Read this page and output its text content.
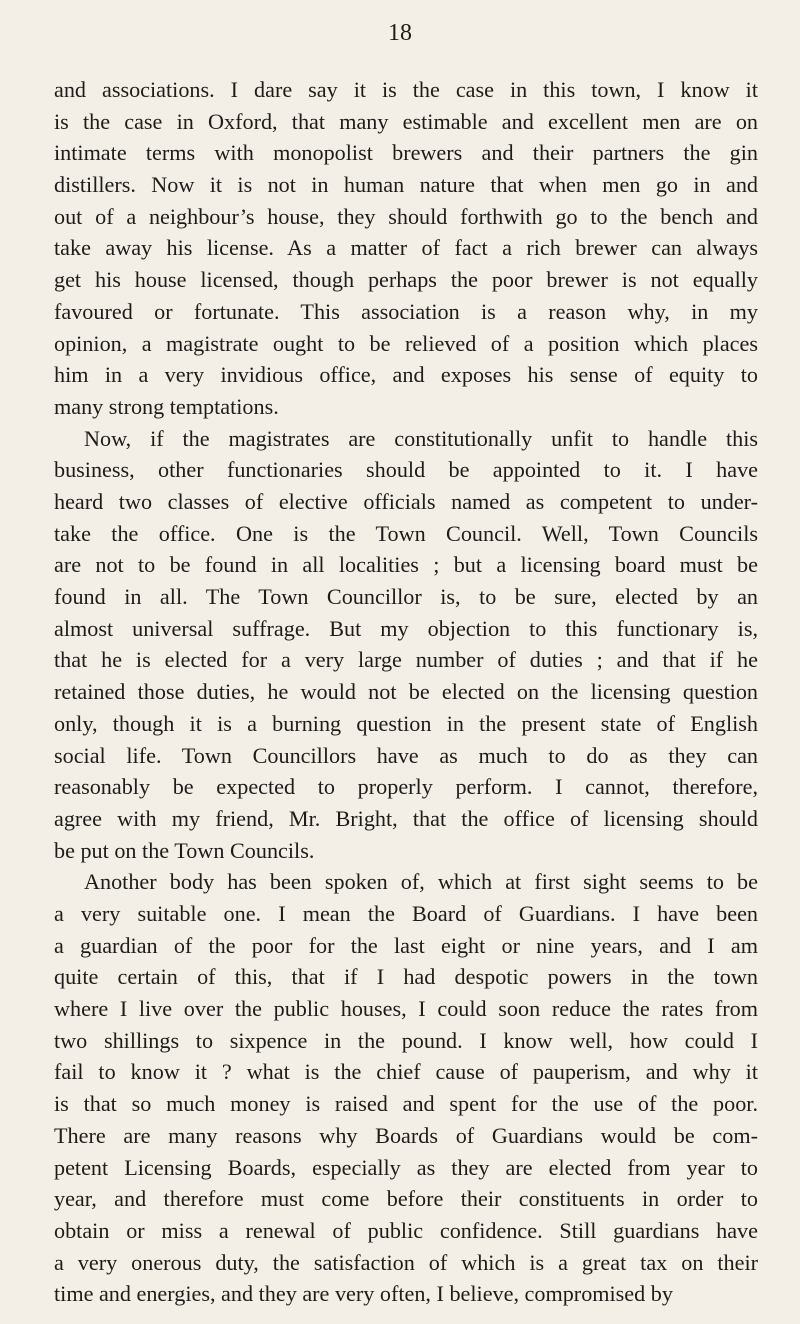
18
and associations. I dare say it is the case in this town, I know it
is the case in Oxford, that many estimable and excellent men are on
intimate terms with monopolist brewers and their partners the gin
distillers. Now it is not in human nature that when men go in and
out of a neighbour’s house, they should forthwith go to the bench and
take away his license. As a matter of fact a rich brewer can always
get his house licensed, though perhaps the poor brewer is not equally
favoured or fortunate. This association is a reason why, in my
opinion, a magistrate ought to be relieved of a position which places
him in a very invidious office, and exposes his sense of equity to
many strong temptations.
Now, if the magistrates are constitutionally unfit to handle this
business, other functionaries should be appointed to it. I have
heard two classes of elective officials named as competent to under-
take the office. One is the Town Council. Well, Town Councils
are not to be found in all localities ; but a licensing board must be
found in all. The Town Councillor is, to be sure, elected by an
almost universal suffrage. But my objection to this functionary is,
that he is elected for a very large number of duties ; and that if he
retained those duties, he would not be elected on the licensing question
only, though it is a burning question in the present state of English
social life. Town Councillors have as much to do as they can
reasonably be expected to properly perform. I cannot, therefore,
agree with my friend, Mr. Bright, that the office of licensing should
be put on the Town Councils.
Another body has been spoken of, which at first sight seems to be
a very suitable one. I mean the Board of Guardians. I have been
a guardian of the poor for the last eight or nine years, and I am
quite certain of this, that if I had despotic powers in the town
where I live over the public houses, I could soon reduce the rates from
two shillings to sixpence in the pound. I know well, how could I
fail to know it ? what is the chief cause of pauperism, and why it
is that so much money is raised and spent for the use of the poor.
There are many reasons why Boards of Guardians would be com-
petent Licensing Boards, especially as they are elected from year to
year, and therefore must come before their constituents in order to
obtain or miss a renewal of public confidence. Still guardians have
a very onerous duty, the satisfaction of which is a great tax on their
time and energies, and they are very often, I believe, compromised by
